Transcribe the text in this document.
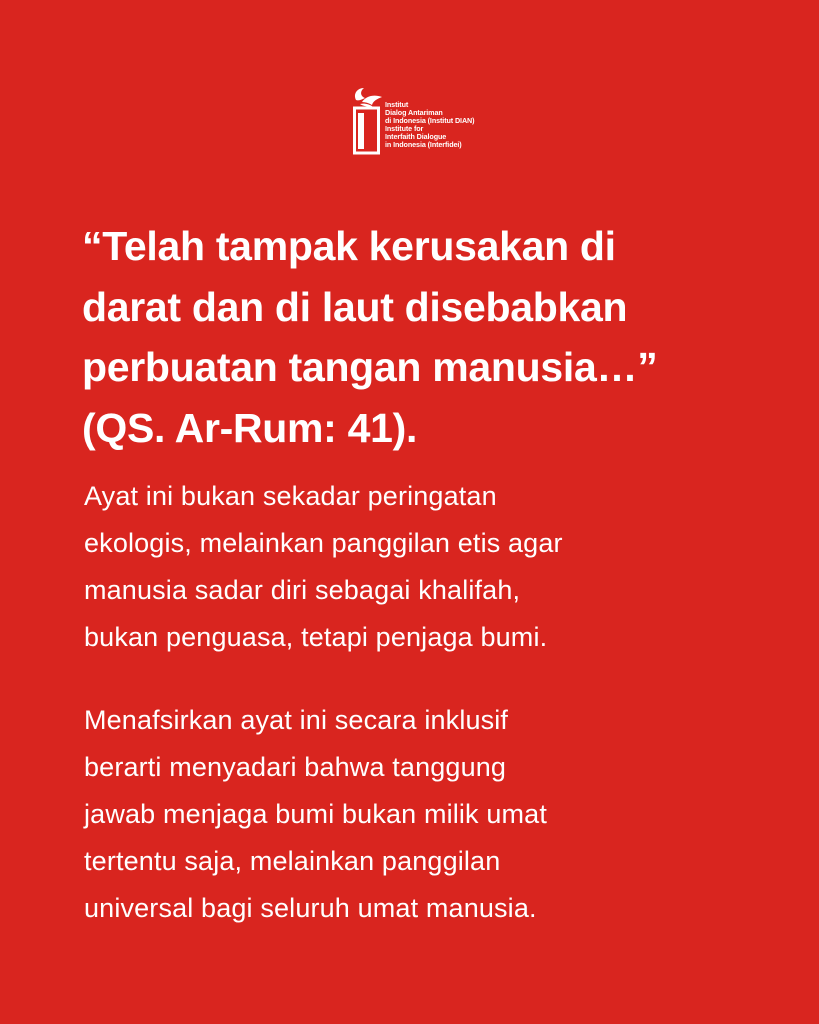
Institut
Dialog Antariman
di Indonesia (Institut DIAN)
Institute for
Interfaith Dialogue
in Indonesia (Interfidei)
“Telah tampak kerusakan di
darat dan di laut disebabkan
perbuatan tangan manusia…”
(QS. Ar-Rum: 41).
Ayat ini bukan sekadar peringatan
ekologis, melainkan panggilan etis agar
manusia sadar diri sebagai khalifah,
bukan penguasa, tetapi penjaga bumi.
Menafsirkan ayat ini secara inklusif
berarti menyadari bahwa tanggung
jawab menjaga bumi bukan milik umat
tertentu saja, melainkan panggilan
universal bagi seluruh umat manusia.
